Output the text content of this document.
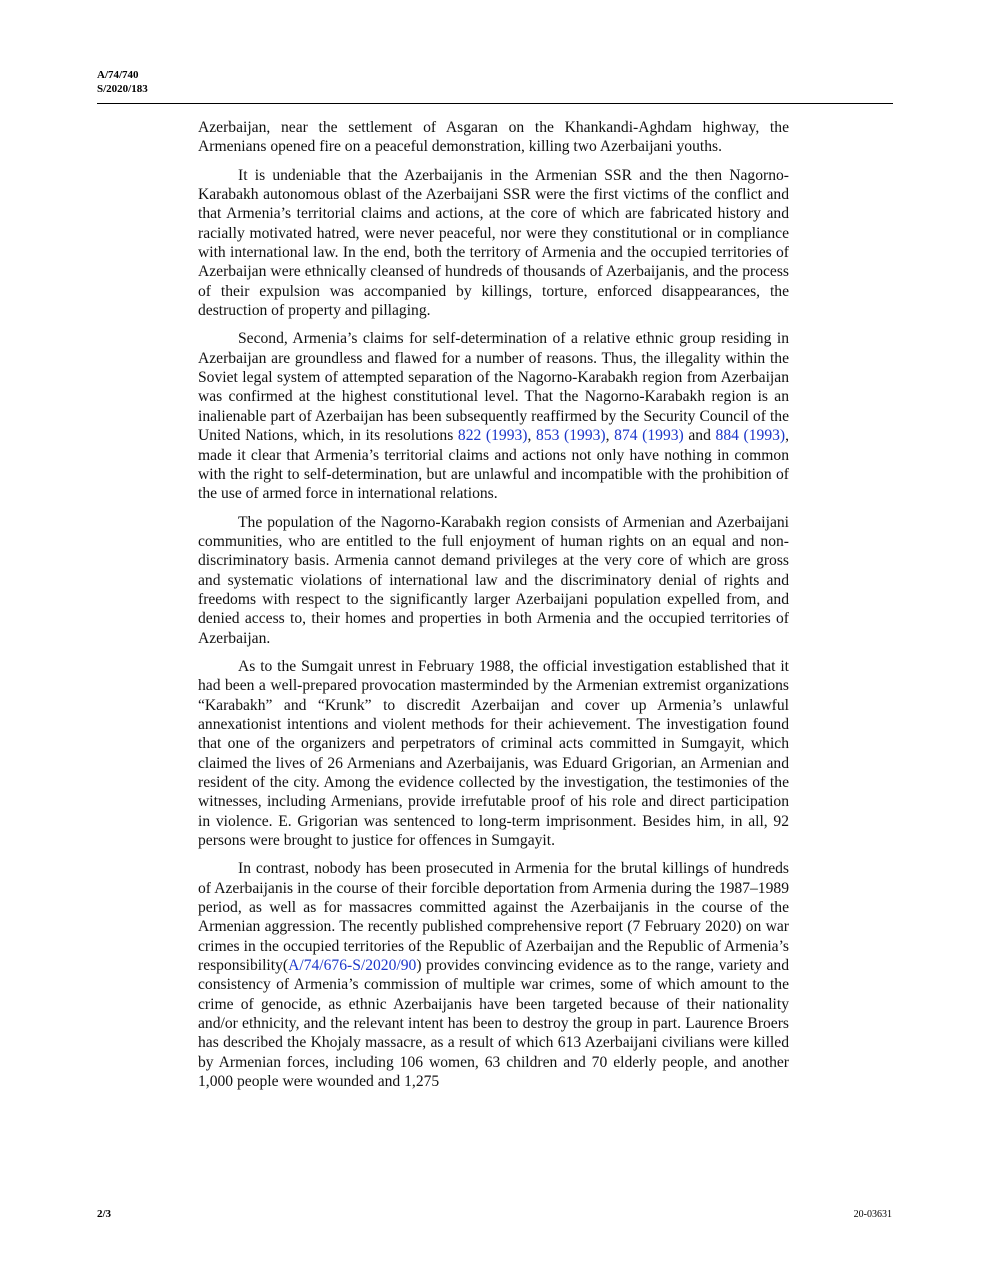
A/74/740
S/2020/183

Azerbaijan, near the settlement of Asgaran on the Khankandi-Aghdam highway, the Armenians opened fire on a peaceful demonstration, killing two Azerbaijani youths.

It is undeniable that the Azerbaijanis in the Armenian SSR and the then Nagorno-Karabakh autonomous oblast of the Azerbaijani SSR were the first victims of the conflict and that Armenia’s territorial claims and actions, at the core of which are fabricated history and racially motivated hatred, were never peaceful, nor were they constitutional or in compliance with international law. In the end, both the territory of Armenia and the occupied territories of Azerbaijan were ethnically cleansed of hundreds of thousands of Azerbaijanis, and the process of their expulsion was accompanied by killings, torture, enforced disappearances, the destruction of property and pillaging.

Second, Armenia’s claims for self-determination of a relative ethnic group residing in Azerbaijan are groundless and flawed for a number of reasons. Thus, the illegality within the Soviet legal system of attempted separation of the Nagorno-Karabakh region from Azerbaijan was confirmed at the highest constitutional level. That the Nagorno-Karabakh region is an inalienable part of Azerbaijan has been subsequently reaffirmed by the Security Council of the United Nations, which, in its resolutions 822 (1993), 853 (1993), 874 (1993) and 884 (1993), made it clear that Armenia’s territorial claims and actions not only have nothing in common with the right to self-determination, but are unlawful and incompatible with the prohibition of the use of armed force in international relations.

The population of the Nagorno-Karabakh region consists of Armenian and Azerbaijani communities, who are entitled to the full enjoyment of human rights on an equal and non-discriminatory basis. Armenia cannot demand privileges at the very core of which are gross and systematic violations of international law and the discriminatory denial of rights and freedoms with respect to the significantly larger Azerbaijani population expelled from, and denied access to, their homes and properties in both Armenia and the occupied territories of Azerbaijan.

As to the Sumgait unrest in February 1988, the official investigation established that it had been a well-prepared provocation masterminded by the Armenian extremist organizations “Karabakh” and “Krunk” to discredit Azerbaijan and cover up Armenia’s unlawful annexationist intentions and violent methods for their achievement. The investigation found that one of the organizers and perpetrators of criminal acts committed in Sumgayit, which claimed the lives of 26 Armenians and Azerbaijanis, was Eduard Grigorian, an Armenian and resident of the city. Among the evidence collected by the investigation, the testimonies of the witnesses, including Armenians, provide irrefutable proof of his role and direct participation in violence. E. Grigorian was sentenced to long-term imprisonment. Besides him, in all, 92 persons were brought to justice for offences in Sumgayit.

In contrast, nobody has been prosecuted in Armenia for the brutal killings of hundreds of Azerbaijanis in the course of their forcible deportation from Armenia during the 1987–1989 period, as well as for massacres committed against the Azerbaijanis in the course of the Armenian aggression. The recently published comprehensive report (7 February 2020) on war crimes in the occupied territories of the Republic of Azerbaijan and the Republic of Armenia’s responsibility(A/74/676-S/2020/90) provides convincing evidence as to the range, variety and consistency of Armenia’s commission of multiple war crimes, some of which amount to the crime of genocide, as ethnic Azerbaijanis have been targeted because of their nationality and/or ethnicity, and the relevant intent has been to destroy the group in part. Laurence Broers has described the Khojaly massacre, as a result of which 613 Azerbaijani civilians were killed by Armenian forces, including 106 women, 63 children and 70 elderly people, and another 1,000 people were wounded and 1,275

2/3	20-03631
